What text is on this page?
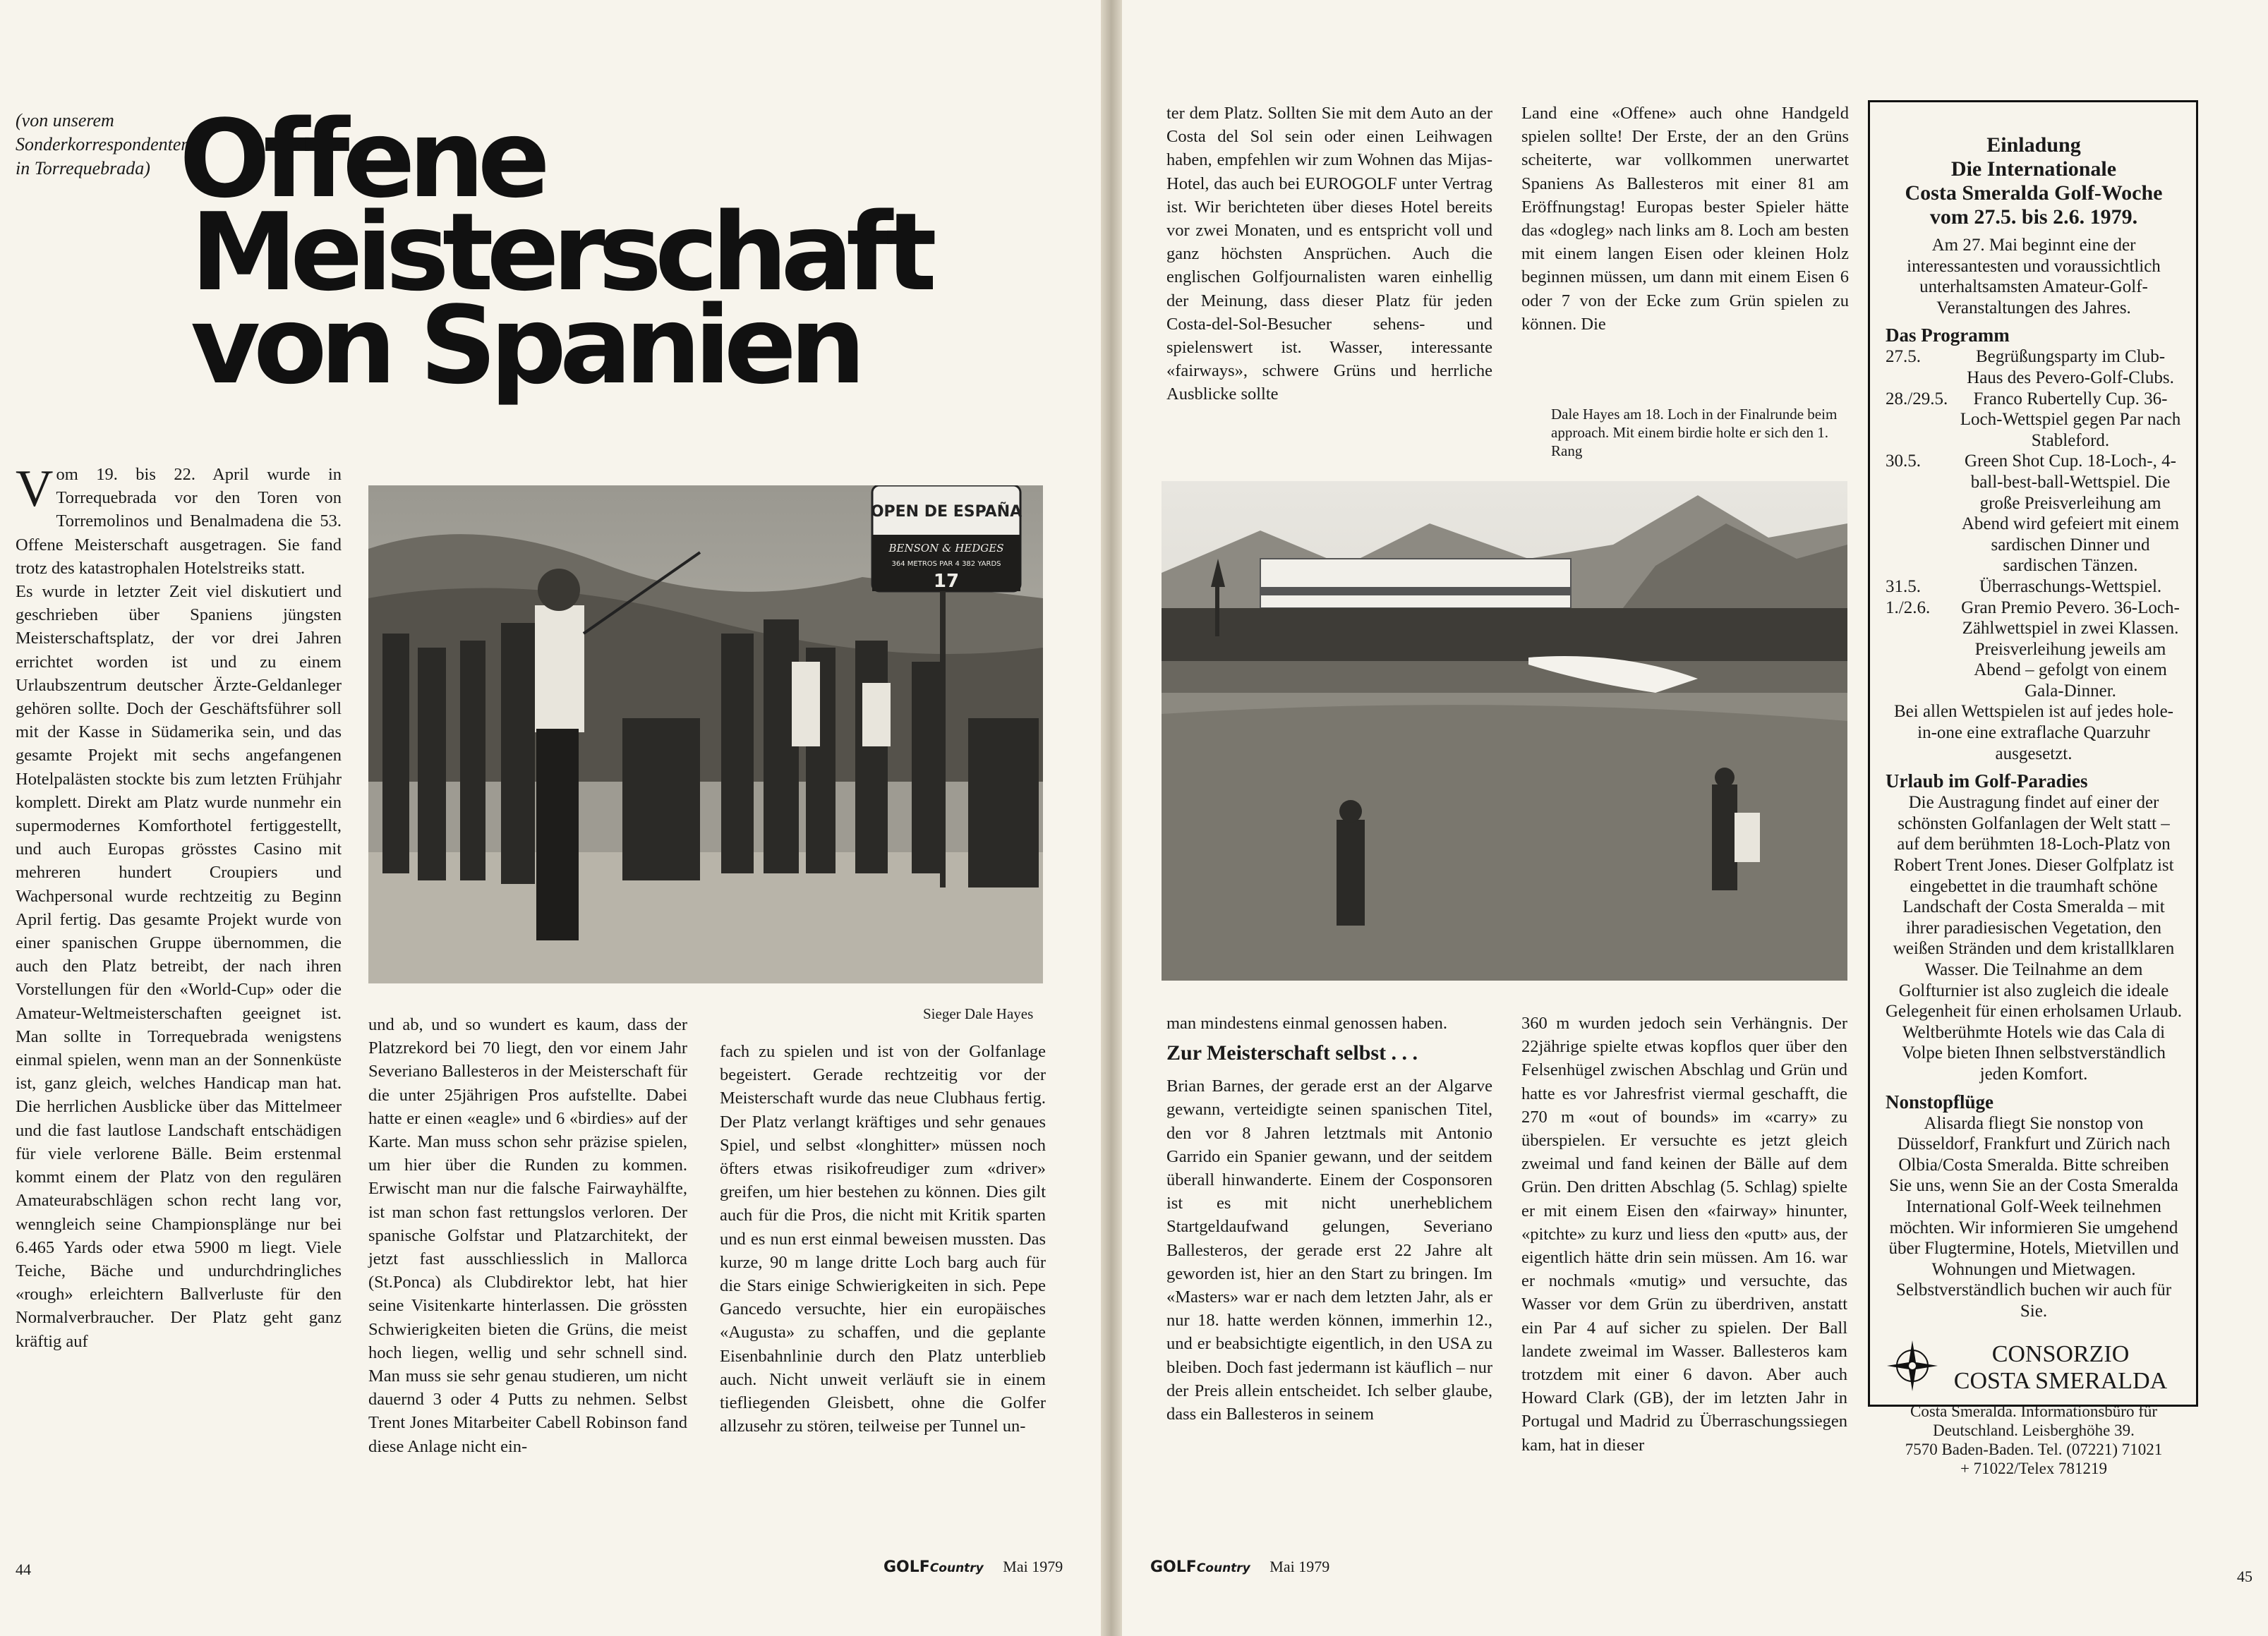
(von unserem Sonderkorrespondenten
in Torrequebrada) Offene
Meisterschaft
von Spanien

Vom 19. bis 22. April wurde in Torrequebrada vor den Toren von Torremolinos und Benalmadena die 53. Offene Meisterschaft ausgetragen. Sie fand trotz des katastrophalen Hotelstreiks statt.

Es wurde in letzter Zeit viel diskutiert und geschrieben über Spaniens jüngsten Meisterschaftsplatz, der vor drei Jahren errichtet worden ist und zu einem Urlaubszentrum deutscher Ärzte-Geldanleger gehören sollte. Doch der Geschäftsführer soll mit der Kasse in Südamerika sein, und das gesamte Projekt mit sechs angefangenen Hotelpalästen stockte bis zum letzten Frühjahr komplett. Direkt am Platz wurde nunmehr ein supermodernes Komforthotel fertiggestellt, und auch Europas grösstes Casino mit mehreren hundert Croupiers und Wachpersonal wurde rechtzeitig zu Beginn April fertig. Das gesamte Projekt wurde von einer spanischen Gruppe übernommen, die auch den Platz betreibt, der nach ihren Vorstellungen für den «World-Cup» oder die Amateur-Weltmeisterschaften geeignet ist. Man sollte in Torrequebrada wenigstens einmal spielen, wenn man an der Sonnenküste ist, ganz gleich, welches Handicap man hat. Die herrlichen Ausblicke über das Mittelmeer und die fast lautlose Landschaft entschädigen für viele verlorene Bälle. Beim erstenmal kommt einem der Platz von den regulären Amateurabschlägen schon recht lang vor, wenngleich seine Championsplänge nur bei 6.465 Yards oder etwa 5900 m liegt. Viele Teiche, Bäche und undurchdringliches «rough» erleichtern Ballverluste für den Normalverbraucher. Der Platz geht ganz kräftig auf

OPEN DE ESPAÑA
BENSON & HEDGES
364 METROS PAR 4 382 YARDS
17
Sieger Dale Hayes

und ab, und so wundert es kaum, dass der Platzrekord bei 70 liegt, den vor einem Jahr Severiano Ballesteros in der Meisterschaft für die unter 25jährigen Pros aufstellte. Dabei hatte er einen «eagle» und 6 «birdies» auf der Karte. Man muss schon sehr präzise spielen, um hier über die Runden zu kommen. Erwischt man nur die falsche Fairwayhälfte, ist man schon fast rettungslos verloren. Der spanische Golfstar und Platzarchitekt, der jetzt fast ausschliesslich in Mallorca (St.Ponca) als Clubdirektor lebt, hat hier seine Visitenkarte hinterlassen. Die grössten Schwierigkeiten bieten die Grüns, die meist hoch liegen, wellig und sehr schnell sind. Man muss sie sehr genau studieren, um nicht dauernd 3 oder 4 Putts zu nehmen. Selbst Trent Jones Mitarbeiter Cabell Robinson fand diese Anlage nicht ein-

fach zu spielen und ist von der Golfanlage begeistert. Gerade rechtzeitig vor der Meisterschaft wurde das neue Clubhaus fertig. Der Platz verlangt kräftiges und sehr genaues Spiel, und selbst «longhitter» müssen noch öfters etwas risikofreudiger zum «driver» greifen, um hier bestehen zu können. Dies gilt auch für die Pros, die nicht mit Kritik sparten und es nun erst einmal beweisen mussten. Das kurze, 90 m lange dritte Loch barg auch für die Stars einige Schwierigkeiten in sich. Pepe Gancedo versuchte, hier ein europäisches «Augusta» zu schaffen, und die geplante Eisenbahnlinie durch den Platz unterblieb auch. Nicht unweit verläuft sie in einem tiefliegenden Gleisbett, ohne die Golfer allzusehr zu stören, teilweise per Tunnel un-

44	GOLFCountry Mai 1979

ter dem Platz. Sollten Sie mit dem Auto an der Costa del Sol sein oder einen Leihwagen haben, empfehlen wir zum Wohnen das Mijas-Hotel, das auch bei EUROGOLF unter Vertrag ist. Wir berichteten über dieses Hotel bereits vor zwei Monaten, und es entspricht voll und ganz höchsten Ansprüchen. Auch die englischen Golfjournalisten waren einhellig der Meinung, dass dieser Platz für jeden Costa-del-Sol-Besucher sehens- und spielenswert ist. Wasser, interessante «fairways», schwere Grüns und herrliche Ausblicke sollte

Land eine «Offene» auch ohne Handgeld spielen sollte! Der Erste, der an den Grüns scheiterte, war vollkommen unerwartet Spaniens As Ballesteros mit einer 81 am Eröffnungstag! Europas bester Spieler hätte das «dogleg» nach links am 8. Loch am besten mit einem langen Eisen oder kleinen Holz beginnen müssen, um dann mit einem Eisen 6 oder 7 von der Ecke zum Grün spielen zu können. Die

Dale Hayes am 18. Loch in der Finalrunde beim approach. Mit einem birdie holte er sich den 1. Rang

man mindestens einmal genossen haben.

Zur Meisterschaft selbst . . .

Brian Barnes, der gerade erst an der Algarve gewann, verteidigte seinen spanischen Titel, den vor 8 Jahren letztmals mit Antonio Garrido ein Spanier gewann, und der seitdem überall hinwanderte. Einem der Cosponsoren ist es mit nicht unerheblichem Startgeldaufwand gelungen, Severiano Ballesteros, der gerade erst 22 Jahre alt geworden ist, hier an den Start zu bringen. Im «Masters» war er nach dem letzten Jahr, als er nur 18. hatte werden können, immerhin 12., und er beabsichtigte eigentlich, in den USA zu bleiben. Doch fast jedermann ist käuflich – nur der Preis allein entscheidet. Ich selber glaube, dass ein Ballesteros in seinem

360 m wurden jedoch sein Verhängnis. Der 22jährige spielte etwas kopflos quer über den Felsenhügel zwischen Abschlag und Grün und hatte es vor Jahresfrist viermal geschafft, die 270 m «out of bounds» im «carry» zu überspielen. Er versuchte es jetzt gleich zweimal und fand keinen der Bälle auf dem Grün. Den dritten Abschlag (5. Schlag) spielte er mit einem Eisen den «fairway» hinunter, «pitchte» zu kurz und liess den «putt» aus, der eigentlich hätte drin sein müssen. Am 16. war er nochmals «mutig» und versuchte, das Wasser vor dem Grün zu überdriven, anstatt ein Par 4 auf sicher zu spielen. Der Ball landete zweimal im Wasser. Ballesteros kam trotzdem mit einer 6 davon. Aber auch Howard Clark (GB), der im letzten Jahr in Portugal und Madrid zu Überraschungssiegen kam, hat in dieser

GOLFCountry Mai 1979
45
Einladung
Die Internationale
Costa Smeralda Golf-Woche
vom 27.5. bis 2.6. 1979.
Am 27. Mai beginnt eine der interessantesten und voraussichtlich unterhaltsamsten Amateur-Golf-Veranstaltungen des Jahres.
Das Programm
27.5.	Begrüßungsparty im Club-Haus des Pevero-Golf-Clubs.
28./29.5.	Franco Rubertelly Cup. 36-Loch-Wettspiel gegen Par nach Stableford.
30.5.	Green Shot Cup. 18-Loch-, 4-ball-best-ball-Wettspiel. Die große Preisverleihung am Abend wird gefeiert mit einem sardischen Dinner und sardischen Tänzen.
31.5.	Überraschungs-Wettspiel.
1./2.6.	Gran Premio Pevero. 36-Loch-Zählwettspiel in zwei Klassen. Preisverleihung jeweils am Abend – gefolgt von einem Gala-Dinner.
Bei allen Wettspielen ist auf jedes hole-in-one eine extraflache Quarzuhr ausgesetzt.
Urlaub im Golf-Paradies
Die Austragung findet auf einer der schönsten Golfanlagen der Welt statt – auf dem berühmten 18-Loch-Platz von Robert Trent Jones. Dieser Golfplatz ist eingebettet in die traumhaft schöne Landschaft der Costa Smeralda – mit ihrer paradiesischen Vegetation, den weißen Stränden und dem kristallklaren Wasser. Die Teilnahme an dem Golfturnier ist also zugleich die ideale Gelegenheit für einen erholsamen Urlaub. Weltberühmte Hotels wie das Cala di Volpe bieten Ihnen selbstverständlich jeden Komfort.
Nonstopflüge
Alisarda fliegt Sie nonstop von Düsseldorf, Frankfurt und Zürich nach Olbia/Costa Smeralda. Bitte schreiben Sie uns, wenn Sie an der Costa Smeralda International Golf-Week teilnehmen möchten. Wir informieren Sie umgehend über Flugtermine, Hotels, Mietvillen und Wohnungen und Mietwagen. Selbstverständlich buchen wir auch für Sie.
CONSORZIO
COSTA SMERALDA
Costa Smeralda. Informationsbüro für
Deutschland. Leisberghöhe 39.
7570 Baden-Baden. Tel. (07221) 71021
+ 71022/Telex 781219
